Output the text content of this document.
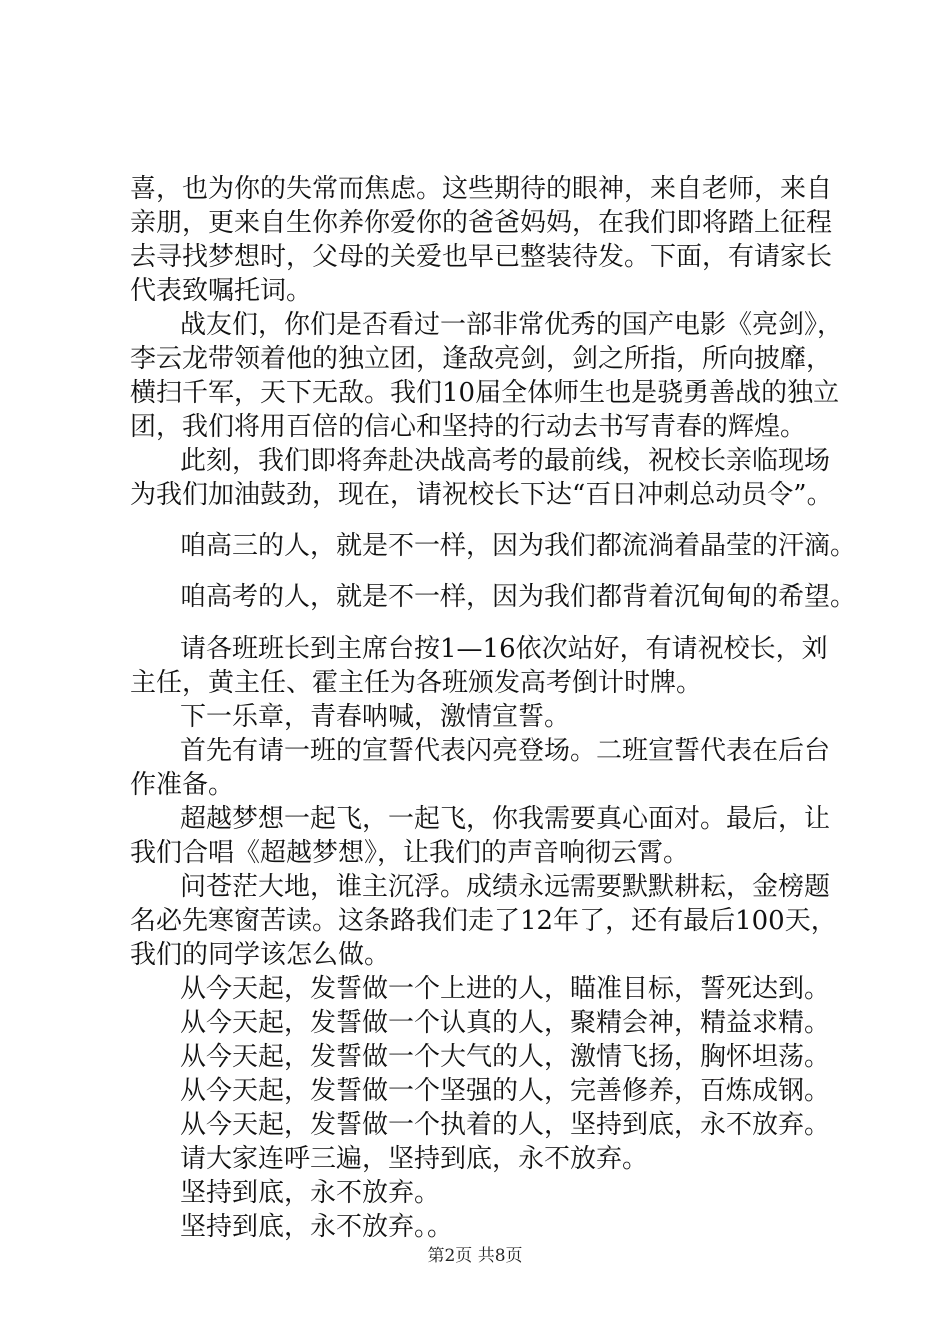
喜，也为你的失常而焦虑。这些期待的眼神，来自老师，来自
亲朋，更来自生你养你爱你的爸爸妈妈，在我们即将踏上征程
去寻找梦想时，父母的关爱也早已整装待发。下面，有请家长
代表致嘱托词。
战友们，你们是否看过一部非常优秀的国产电影《亮剑》，
李云龙带领着他的独立团，逢敌亮剑，剑之所指，所向披靡，
横扫千军，天下无敌。我们10届全体师生也是骁勇善战的独立
团，我们将用百倍的信心和坚持的行动去书写青春的辉煌。
此刻，我们即将奔赴决战高考的最前线，祝校长亲临现场
为我们加油鼓劲，现在，请祝校长下达“百日冲刺总动员令”。
咱高三的人，就是不一样，因为我们都流淌着晶莹的汗滴。
咱高考的人，就是不一样，因为我们都背着沉甸甸的希望。
请各班班长到主席台按1—16依次站好，有请祝校长，刘
主任，黄主任、霍主任为各班颁发高考倒计时牌。
下一乐章，青春呐喊，激情宣誓。
首先有请一班的宣誓代表闪亮登场。二班宣誓代表在后台
作准备。
超越梦想一起飞，一起飞，你我需要真心面对。最后，让
我们合唱《超越梦想》，让我们的声音响彻云霄。
问苍茫大地，谁主沉浮。成绩永远需要默默耕耘，金榜题
名必先寒窗苦读。这条路我们走了12年了，还有最后100天，
我们的同学该怎么做。
从今天起，发誓做一个上进的人，瞄准目标，誓死达到。
从今天起，发誓做一个认真的人，聚精会神，精益求精。
从今天起，发誓做一个大气的人，激情飞扬，胸怀坦荡。
从今天起，发誓做一个坚强的人，完善修养，百炼成钢。
从今天起，发誓做一个执着的人，坚持到底，永不放弃。
请大家连呼三遍，坚持到底，永不放弃。
坚持到底，永不放弃。
坚持到底，永不放弃。。
第2页 共8页
